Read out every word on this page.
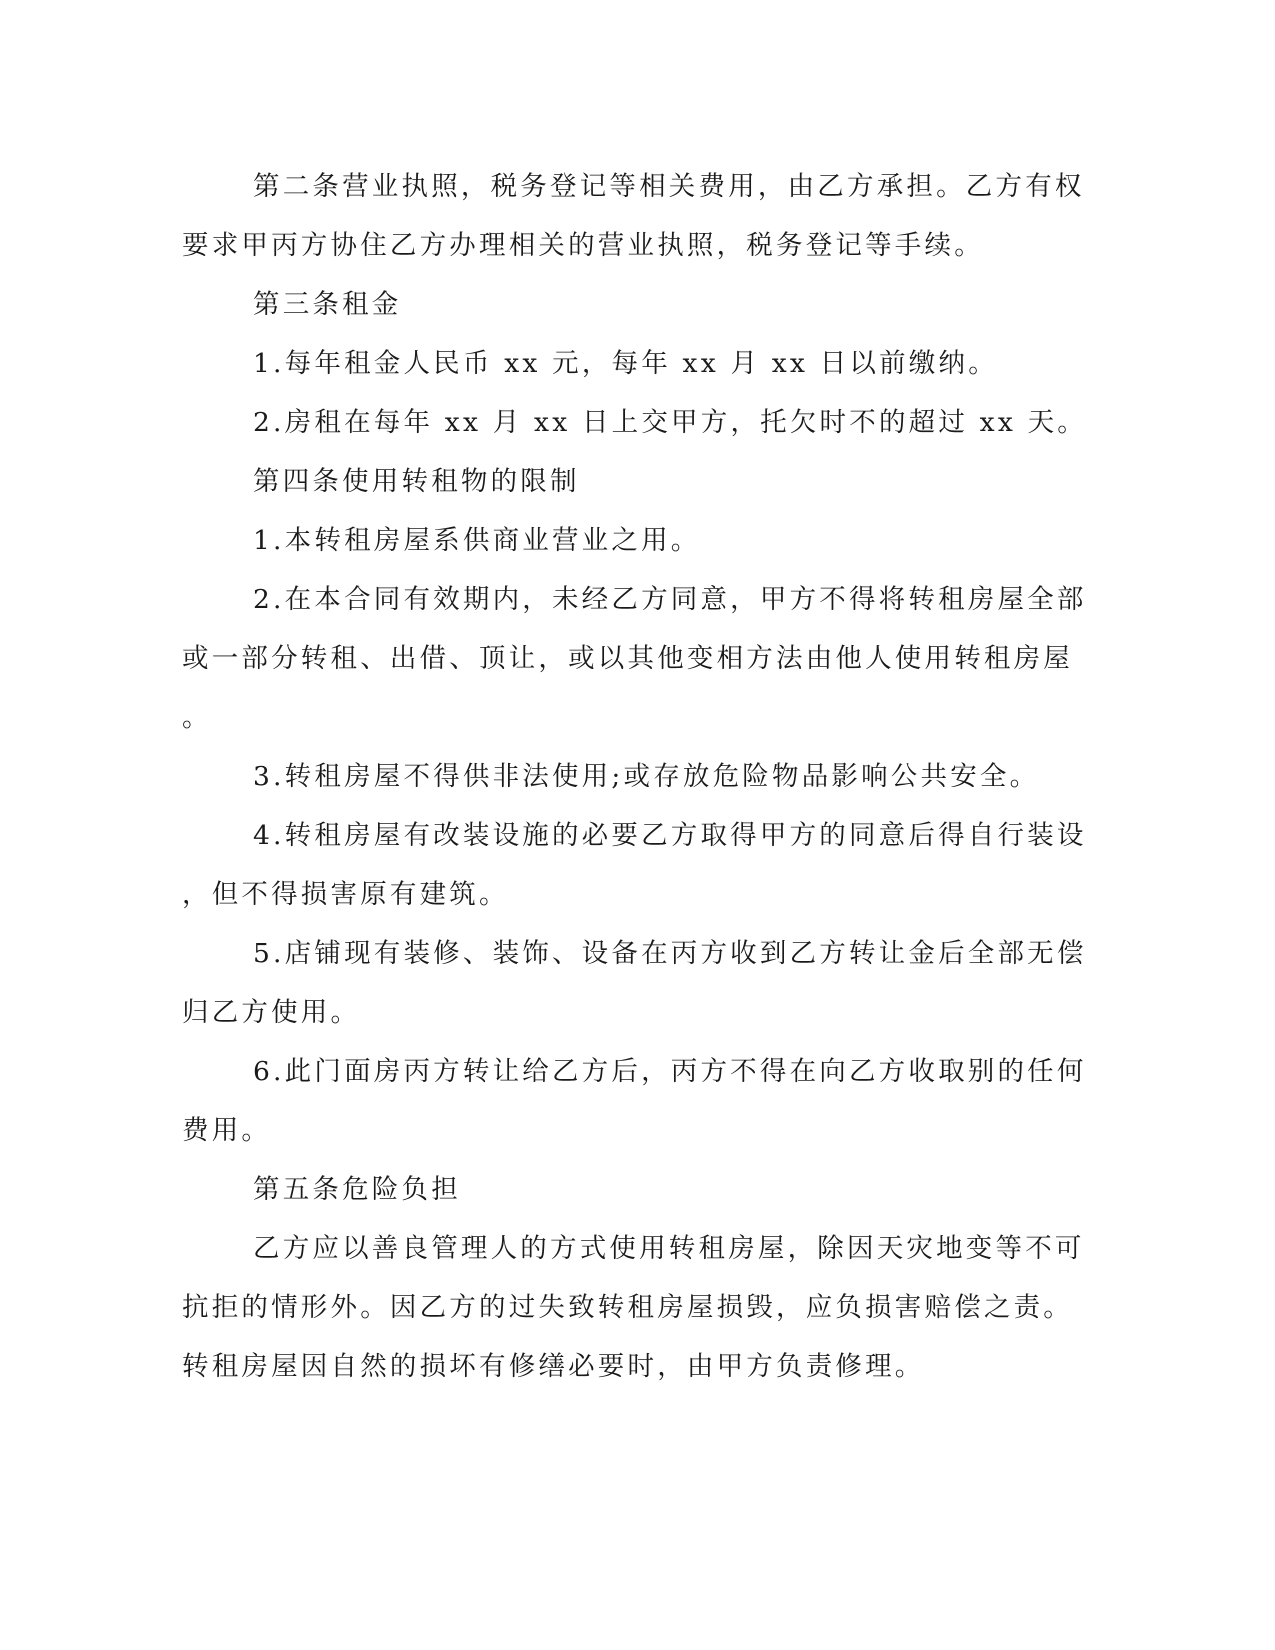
第二条营业执照，税务登记等相关费用，由乙方承担。乙方有权
要求甲丙方协住乙方办理相关的营业执照，税务登记等手续。
第三条租金
1.每年租金人民币 xx 元，每年 xx 月 xx 日以前缴纳。
2.房租在每年 xx 月 xx 日上交甲方，托欠时不的超过 xx 天。
第四条使用转租物的限制
1.本转租房屋系供商业营业之用。
2.在本合同有效期内，未经乙方同意，甲方不得将转租房屋全部
或一部分转租、出借、顶让，或以其他变相方法由他人使用转租房屋
。
3.转租房屋不得供非法使用;或存放危险物品影响公共安全。
4.转租房屋有改装设施的必要乙方取得甲方的同意后得自行装设
，但不得损害原有建筑。
5.店铺现有装修、装饰、设备在丙方收到乙方转让金后全部无偿
归乙方使用。
6.此门面房丙方转让给乙方后，丙方不得在向乙方收取别的任何
费用。
第五条危险负担
乙方应以善良管理人的方式使用转租房屋，除因天灾地变等不可
抗拒的情形外。因乙方的过失致转租房屋损毁，应负损害赔偿之责。
转租房屋因自然的损坏有修缮必要时，由甲方负责修理。
